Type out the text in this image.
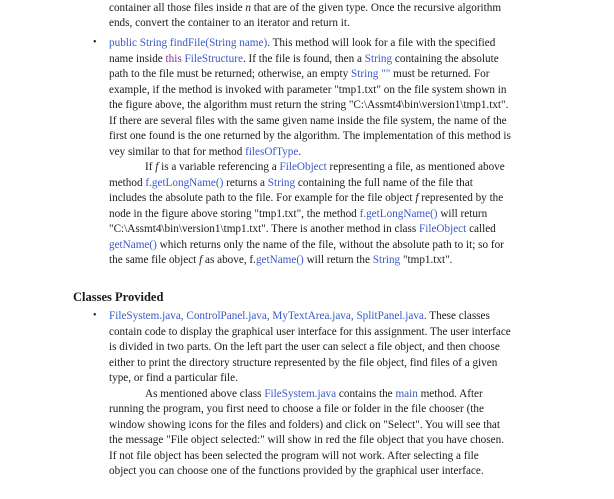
container all those files inside n that are of the given type. Once the recursive algorithm
ends, convert the container to an iterator and return it.
• public String findFile(String name). This method will look for a file with the specified
name inside this FileStructure. If the file is found, then a String containing the absolute
path to the file must be returned; otherwise, an empty String "" must be returned. For
example, if the method is invoked with parameter "tmp1.txt" on the file system shown in
the figure above, the algorithm must return the string "C:\Assmt4\bin\version1\tmp1.txt".
If there are several files with the same given name inside the file system, the name of the
first one found is the one returned by the algorithm. The implementation of this method is
vey similar to that for method filesOfType.
If f is a variable referencing a FileObject representing a file, as mentioned above
method f.getLongName() returns a String containing the full name of the file that
includes the absolute path to the file. For example for the file object f represented by the
node in the figure above storing "tmp1.txt", the method f.getLongName() will return
"C:\Assmt4\bin\version1\tmp1.txt". There is another method in class FileObject called
getName() which returns only the name of the file, without the absolute path to it; so for
the same file object f as above, f.getName() will return the String "tmp1.txt".
Classes Provided
• FileSystem.java, ControlPanel.java, MyTextArea.java, SplitPanel.java. These classes
contain code to display the graphical user interface for this assignment. The user interface
is divided in two parts. On the left part the user can select a file object, and then choose
either to print the directory structure represented by the file object, find files of a given
type, or find a particular file.
As mentioned above class FileSystem.java contains the main method. After
running the program, you first need to choose a file or folder in the file chooser (the
window showing icons for the files and folders) and click on "Select". You will see that
the message "File object selected:" will show in red the file object that you have chosen.
If not file object has been selected the program will not work. After selecting a file
object you can choose one of the functions provided by the graphical user interface.
